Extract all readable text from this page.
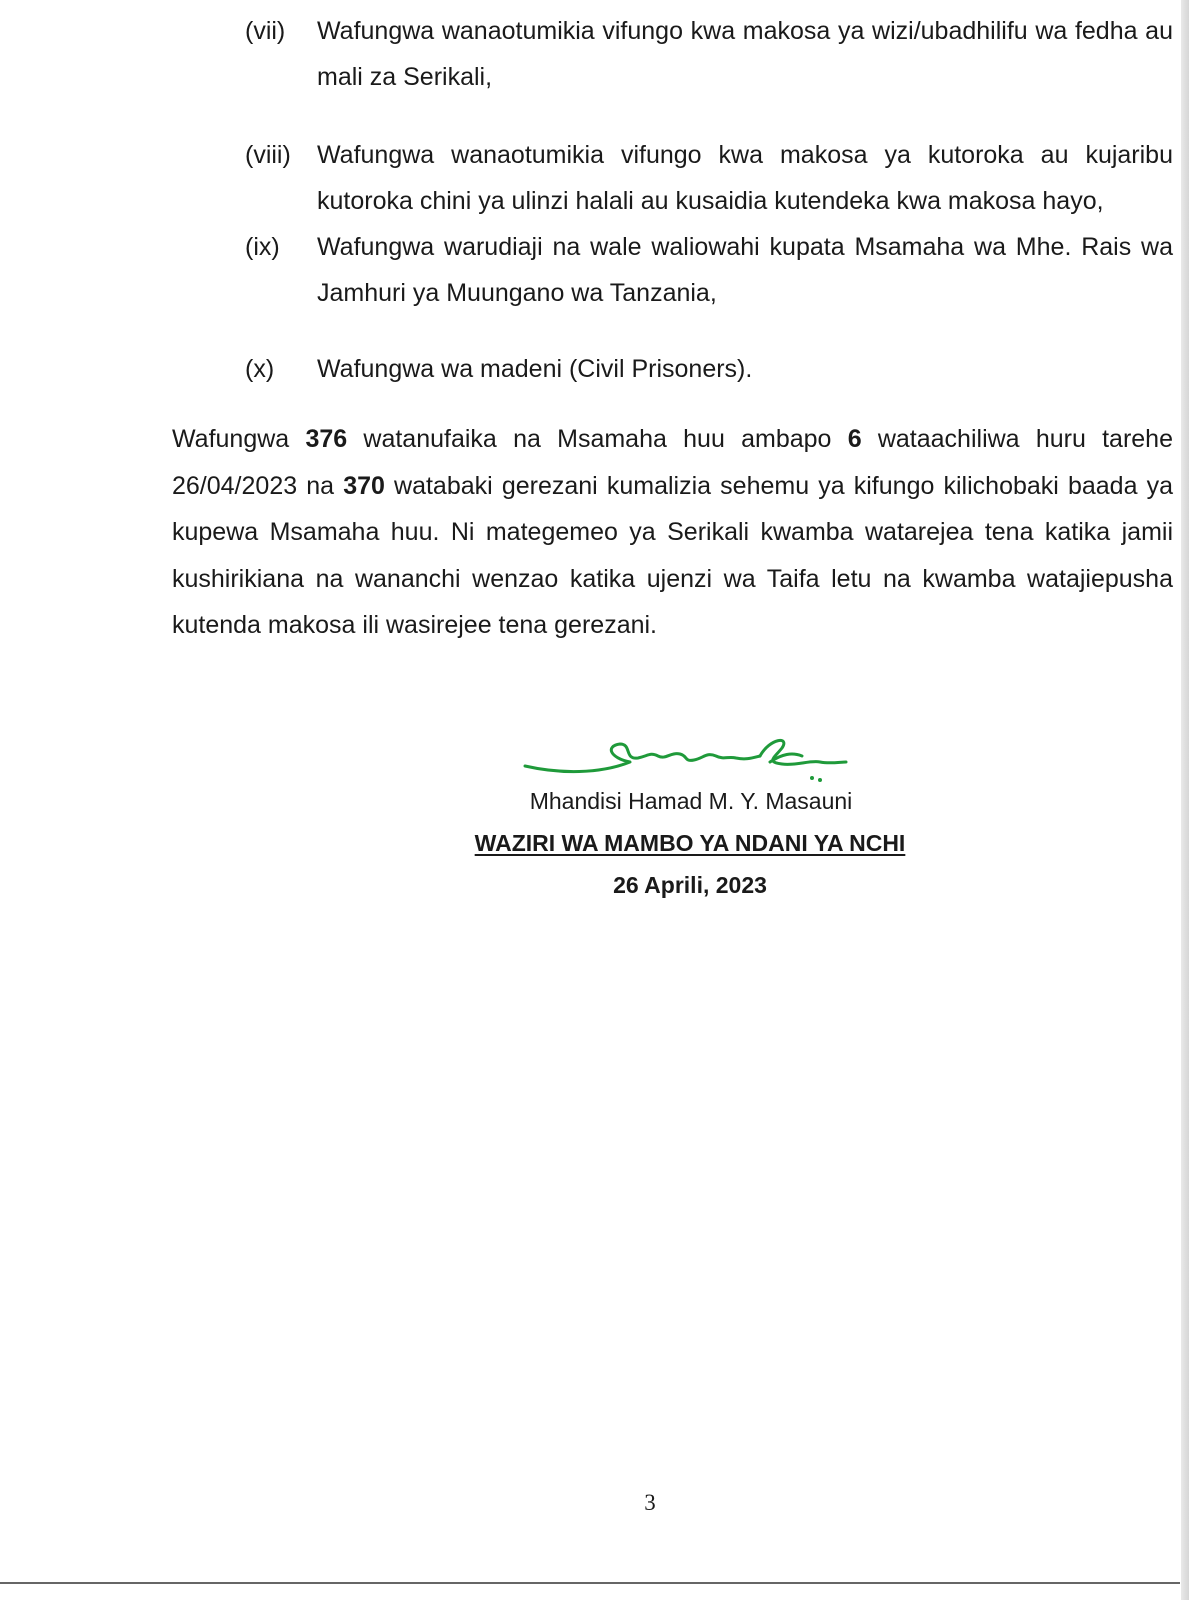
(vii) Wafungwa wanaotumikia vifungo kwa makosa ya wizi/ubadhilifu wa fedha au mali za Serikali,
(viii) Wafungwa wanaotumikia vifungo kwa makosa ya kutoroka au kujaribu kutoroka chini ya ulinzi halali au kusaidia kutendeka kwa makosa hayo,
(ix) Wafungwa warudiaji na wale waliowahi kupata Msamaha wa Mhe. Rais wa Jamhuri ya Muungano wa Tanzania,
(x) Wafungwa wa madeni (Civil Prisoners).

Wafungwa 376 watanufaika na Msamaha huu ambapo 6 wataachiliwa huru tarehe 26/04/2023 na 370 watabaki gerezani kumalizia sehemu ya kifungo kilichobaki baada ya kupewa Msamaha huu. Ni mategemeo ya Serikali kwamba watarejea tena katika jamii kushirikiana na wananchi wenzao katika ujenzi wa Taifa letu na kwamba watajiepusha kutenda makosa ili wasirejee tena gerezani.

Mhandisi Hamad M. Y. Masauni
WAZIRI WA MAMBO YA NDANI YA NCHI
26 Aprili, 2023
3
